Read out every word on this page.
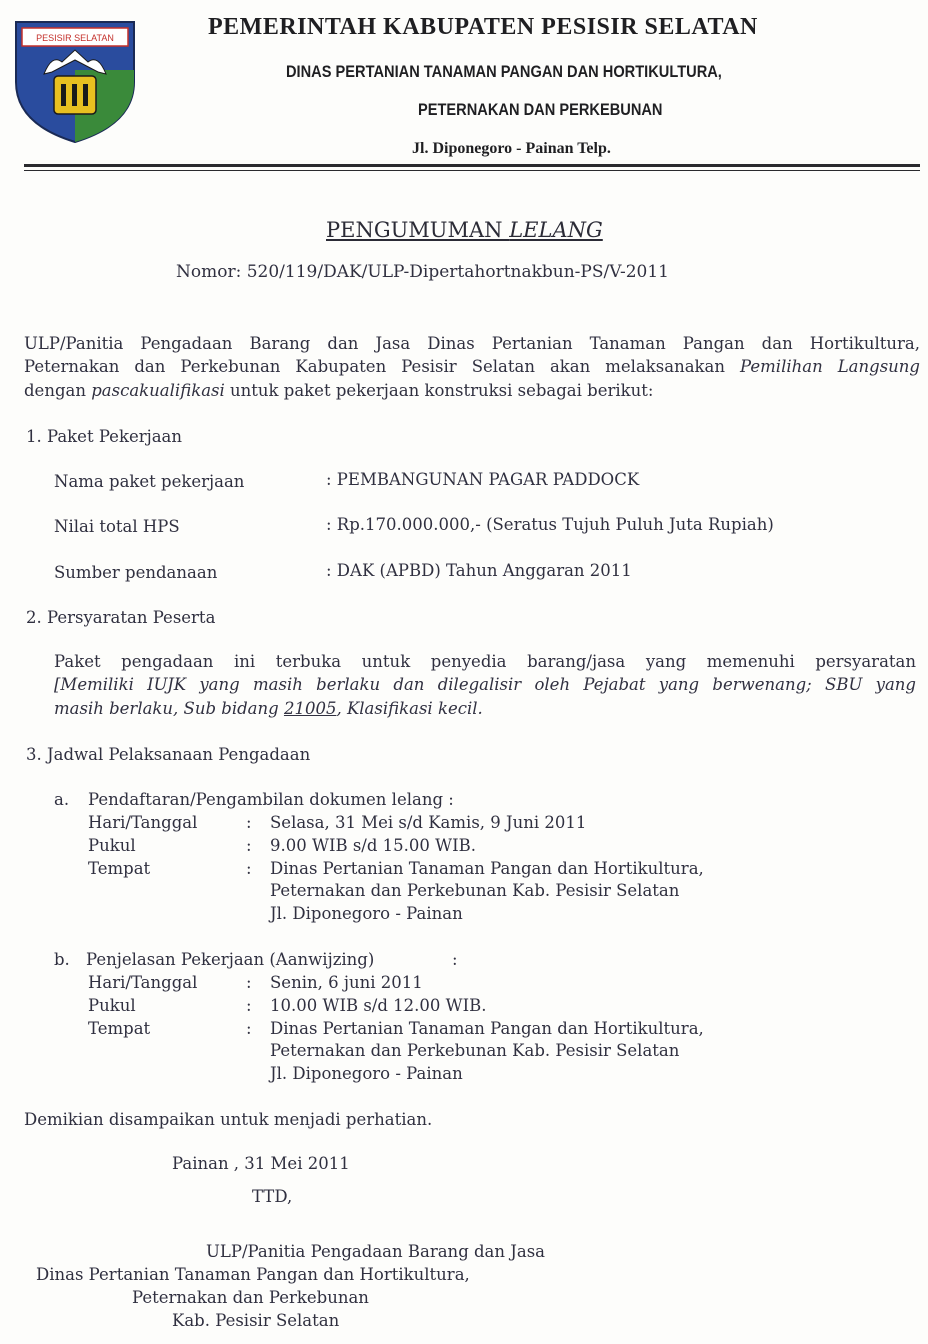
PESISIR SELATAN	PEMERINTAH KABUPATEN PESISIR SELATAN
DINAS PERTANIAN TANAMAN PANGAN DAN HORTIKULTURA,
PETERNAKAN DAN PERKEBUNAN
Jl. Diponegoro - Painan Telp.
PENGUMUMAN LELANG
Nomor: 520/119/DAK/ULP-Dipertahortnakbun-PS/V-2011
ULP/Panitia Pengadaan Barang dan Jasa Dinas Pertanian Tanaman Pangan dan Hortikultura,
Peternakan dan Perkebunan Kabupaten Pesisir Selatan akan melaksanakan Pemilihan Langsung
dengan pascakualifikasi untuk paket pekerjaan konstruksi sebagai berikut:
1. Paket Pekerjaan
Nama paket pekerjaan	: PEMBANGUNAN PAGAR PADDOCK
Nilai total HPS	: Rp.170.000.000,- (Seratus Tujuh Puluh Juta Rupiah)
Sumber pendanaan	: DAK (APBD) Tahun Anggaran 2011
2. Persyaratan Peserta
Paket pengadaan ini terbuka untuk penyedia barang/jasa yang memenuhi persyaratan
[Memiliki IUJK yang masih berlaku dan dilegalisir oleh Pejabat yang berwenang; SBU yang
masih berlaku, Sub bidang 21005, Klasifikasi kecil.
3. Jadwal Pelaksanaan Pengadaan
a. Pendaftaran/Pengambilan dokumen lelang :
Hari/Tanggal	: Selasa, 31 Mei s/d Kamis, 9 Juni 2011
Pukul	: 9.00 WIB s/d 15.00 WIB.
Tempat	: Dinas Pertanian Tanaman Pangan dan Hortikultura,
Peternakan dan Perkebunan Kab. Pesisir Selatan
Jl. Diponegoro - Painan
b. Penjelasan Pekerjaan (Aanwijzing)	:
Hari/Tanggal	: Senin, 6 juni 2011
Pukul	: 10.00 WIB s/d 12.00 WIB.
Tempat	: Dinas Pertanian Tanaman Pangan dan Hortikultura,
Peternakan dan Perkebunan Kab. Pesisir Selatan
Jl. Diponegoro - Painan
Demikian disampaikan untuk menjadi perhatian.
Painan , 31 Mei 2011
TTD,
ULP/Panitia Pengadaan Barang dan Jasa
Dinas Pertanian Tanaman Pangan dan Hortikultura,
Peternakan dan Perkebunan
Kab. Pesisir Selatan
